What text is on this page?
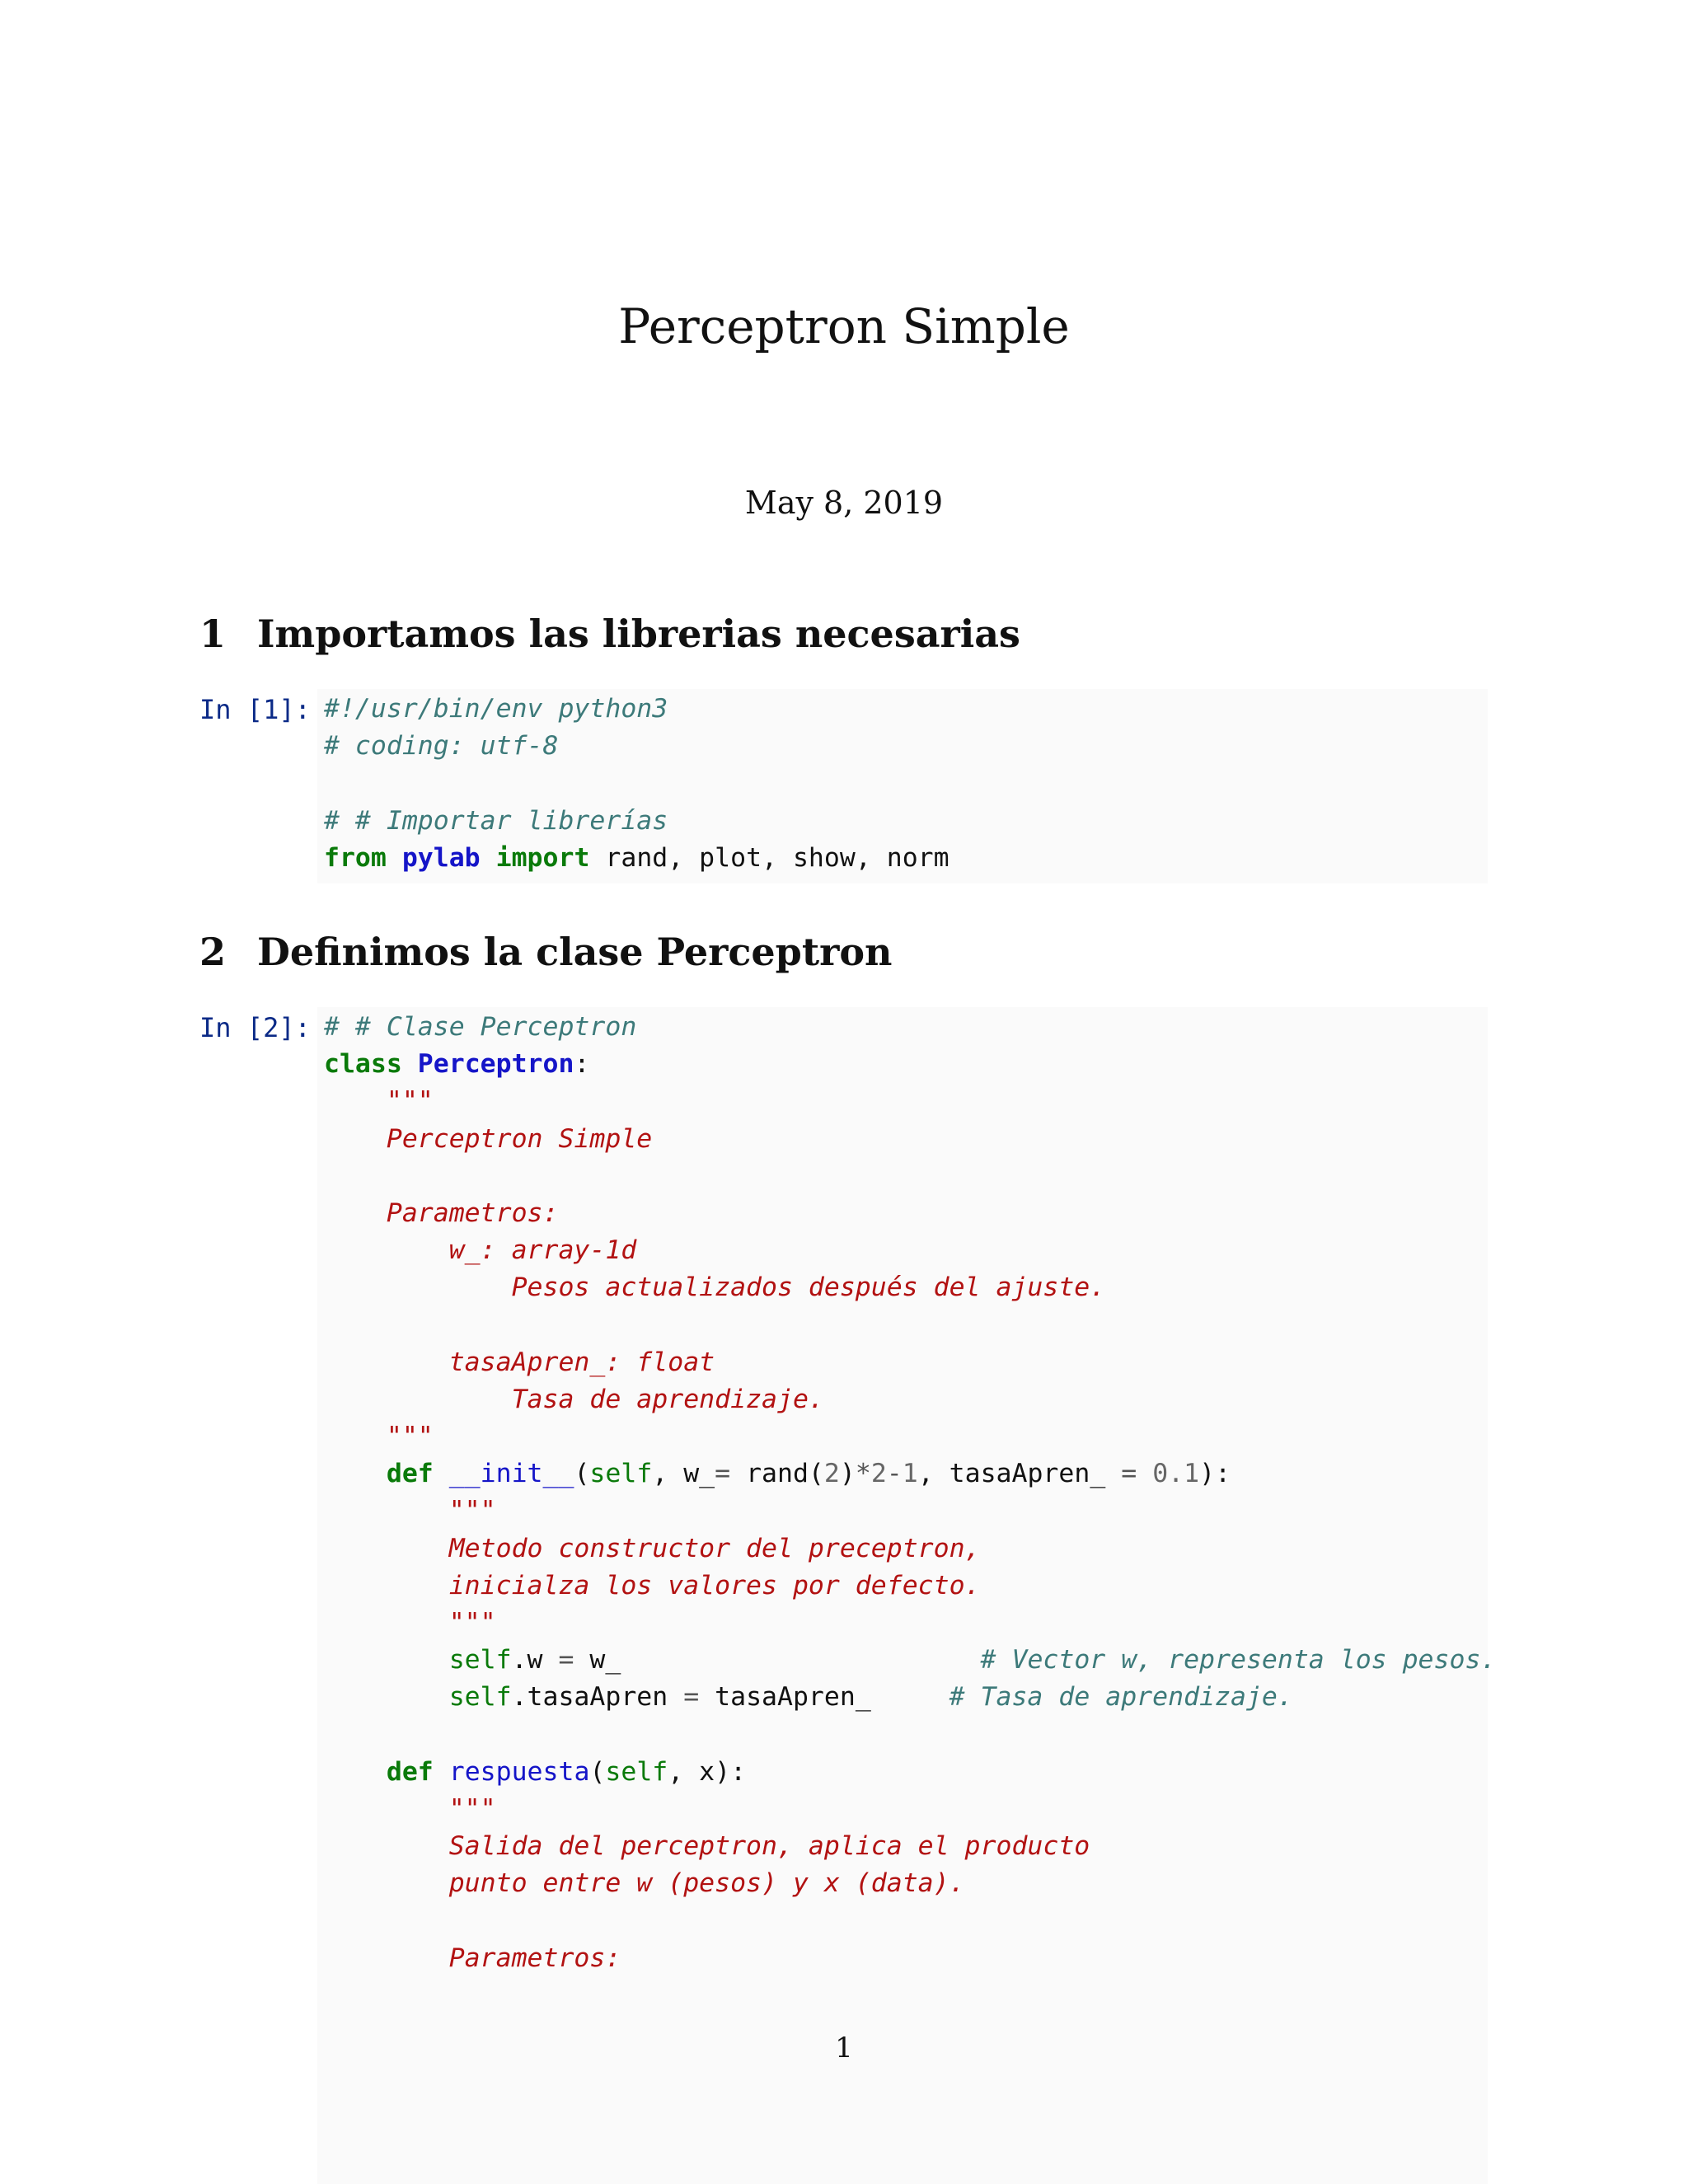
Perceptron Simple
May 8, 2019
1 Importamos las librerias necesarias
In [1]: #!/usr/bin/env python3
# coding: utf-8
# # Importar librerías
from pylab import rand, plot, show, norm
2 Definimos la clase Perceptron
In [2]: # # Clase Perceptron
class Perceptron:
"""
Perceptron Simple
Parametros:
w_: array-1d
Pesos actualizados después del ajuste.
tasaApren_: float
Tasa de aprendizaje.
"""
def __init__(self, w_= rand(2)*2-1, tasaApren_ = 0.1):
"""
Metodo constructor del preceptron,
inicialza los valores por defecto.
"""
self.w = w_                       # Vector w, representa los pesos.
self.tasaApren = tasaApren_     # Tasa de aprendizaje.
def respuesta(self, x):
"""
Salida del perceptron, aplica el producto
punto entre w (pesos) y x (data).
Parametros:
1
